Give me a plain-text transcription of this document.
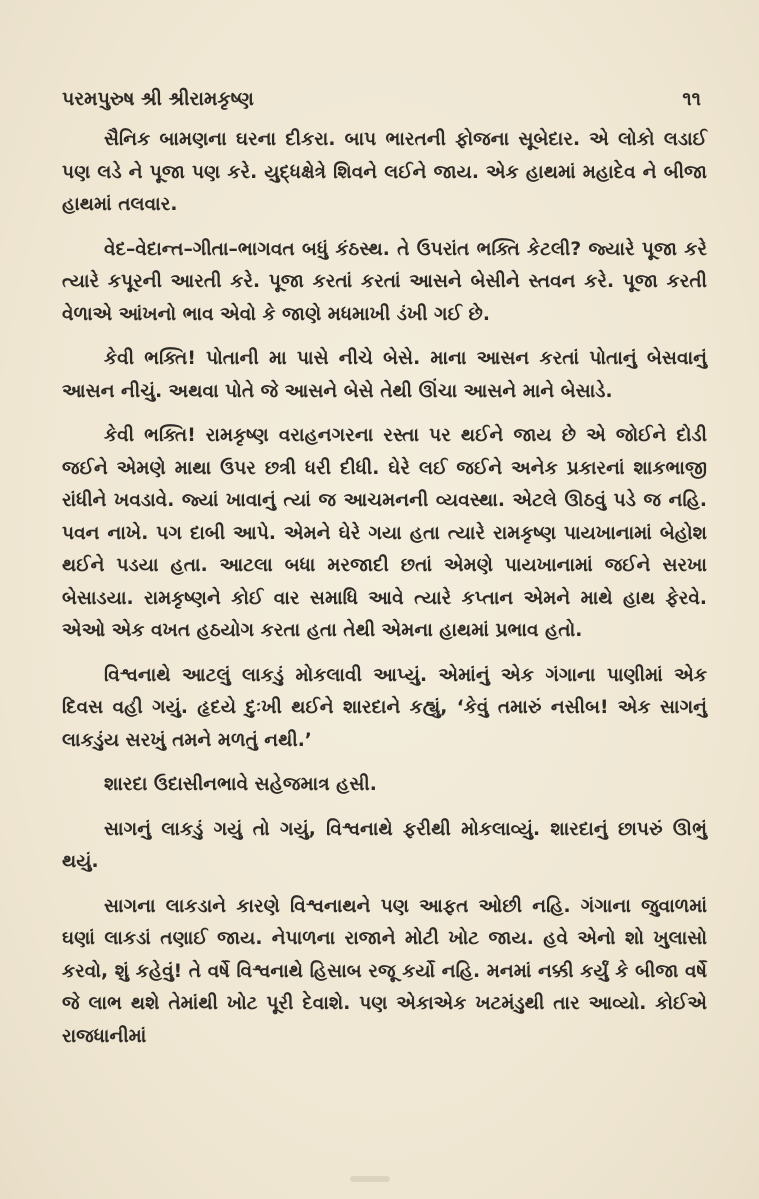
પરમપુરુષ શ્રી શ્રીરામકૃષ્ણ	૧૧

સૈનિક બામણના ઘરના દીકરા. બાપ ભારતની ફોજના સૂબેદાર. એ લોકો લડાઈ પણ લડે ને પૂજા પણ કરે. યુદ્ધક્ષેત્રે શિવને લઈને જાય. એક હાથમાં મહાદેવ ને બીજા હાથમાં તલવાર.

વેદ–વેદાન્ત–ગીતા–ભાગવત બધું કંઠસ્થ. તે ઉપરાંત ભક્તિ કેટલી? જ્યારે પૂજા કરે ત્યારે કપૂરની આરતી કરે. પૂજા કરતાં કરતાં આસને બેસીને સ્તવન કરે. પૂજા કરતી વેળાએ આંખનો ભાવ એવો કે જાણે મધમાખી ડંખી ગઈ છે.

કેવી ભક્તિ! પોતાની મા પાસે નીચે બેસે. માના આસન કરતાં પોતાનું બેસવાનું આસન નીચું. અથવા પોતે જે આસને બેસે તેથી ઊંચા આસને માને બેસાડે.

કેવી ભક્તિ! રામકૃષ્ણ વરાહનગરના રસ્તા પર થઈને જાય છે એ જોઈને દોડી જઈને એમણે માથા ઉપર છત્રી ધરી દીધી. ઘેરે લઈ જઈને અનેક પ્રકારનાં શાકભાજી રાંધીને ખવડાવે. જ્યાં ખાવાનું ત્યાં જ આચમનની વ્યવસ્થા. એટલે ઊઠવું પડે જ નહિ. પવન નાખે. પગ દાબી આપે. એમને ઘેરે ગયા હતા ત્યારે રામકૃષ્ણ પાયખાનામાં બેહોશ થઈને પડયા હતા. આટલા બધા મરજાદી છતાં એમણે પાયખાનામાં જઈને સરખા બેસાડયા. રામકૃષ્ણને કોઈ વાર સમાધિ આવે ત્યારે કપ્તાન એમને માથે હાથ ફેરવે. એઓ એક વખત હઠયોગ કરતા હતા તેથી એમના હાથમાં પ્રભાવ હતો.

વિશ્વનાથે આટલું લાકડું મોકલાવી આપ્યું. એમાંનું એક ગંગાના પાણીમાં એક દિવસ વહી ગયું. હૃદયે દુઃખી થઈને શારદાને કહ્યું, ‘કેવું તમારું નસીબ! એક સાગનું લાકડુંય સરખું તમને મળતું નથી.’

શારદા ઉદાસીનભાવે સહેજમાત્ર હસી.

સાગનું લાકડું ગયું તો ગયું, વિશ્વનાથે ફરીથી મોકલાવ્યું. શારદાનું છાપરું ઊભું થયું.

સાગના લાકડાને કારણે વિશ્વનાથને પણ આફત ઓછી નહિ. ગંગાના જુવાળમાં ઘણાં લાકડાં તણાઈ જાય. નેપાળના રાજાને મોટી ખોટ જાય. હવે એનો શો ખુલાસો કરવો, શું કહેવું! તે વર્ષે વિશ્વનાથે હિસાબ રજૂ કર્યો નહિ. મનમાં નક્કી કર્યું કે બીજા વર્ષે જે લાભ થશે તેમાંથી ખોટ પૂરી દેવાશે. પણ એકાએક ખટમંડુથી તાર આવ્યો. કોઈએ રાજધાનીમાં
